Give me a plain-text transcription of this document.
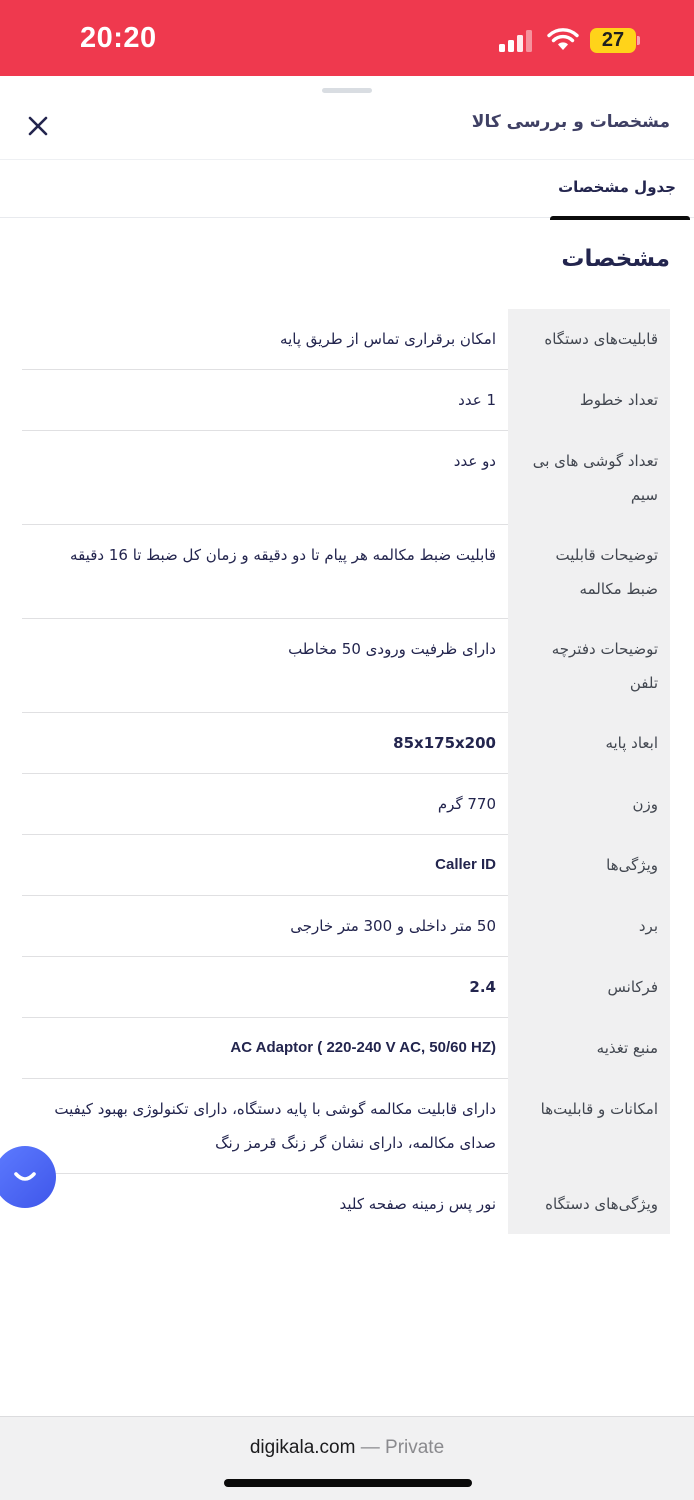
20:20	27
مشخصات و بررسی کالا
جدول مشخصات
مشخصات
قابلیت‌های دستگاه
امکان برقراری تماس از طریق پایه
تعداد خطوط
1 عدد
تعداد گوشی های بی سیم
دو عدد
توضیحات قابلیت ضبط مکالمه
قابلیت ضبط مکالمه هر پیام تا دو دقیقه و زمان کل ضبط تا 16 دقیقه
توضیحات دفترچه تلفن
دارای ظرفیت ورودی 50 مخاطب
ابعاد پایه
85x175x200
وزن
770 گرم
ویژگی‌ها
Caller ID
برد
50 متر داخلی و 300 متر خارجی
فرکانس
2.4
منبع تغذیه
AC Adaptor ( 220-240 V AC, 50/60 HZ)
امکانات و قابلیت‌ها
دارای قابلیت مکالمه گوشی با پایه دستگاه، دارای تکنولوژی بهبود کیفیت صدای مکالمه، دارای نشان گر زنگ قرمز رنگ
ویژگی‌های دستگاه
نور پس زمینه صفحه کلید
digikala.com — Private
